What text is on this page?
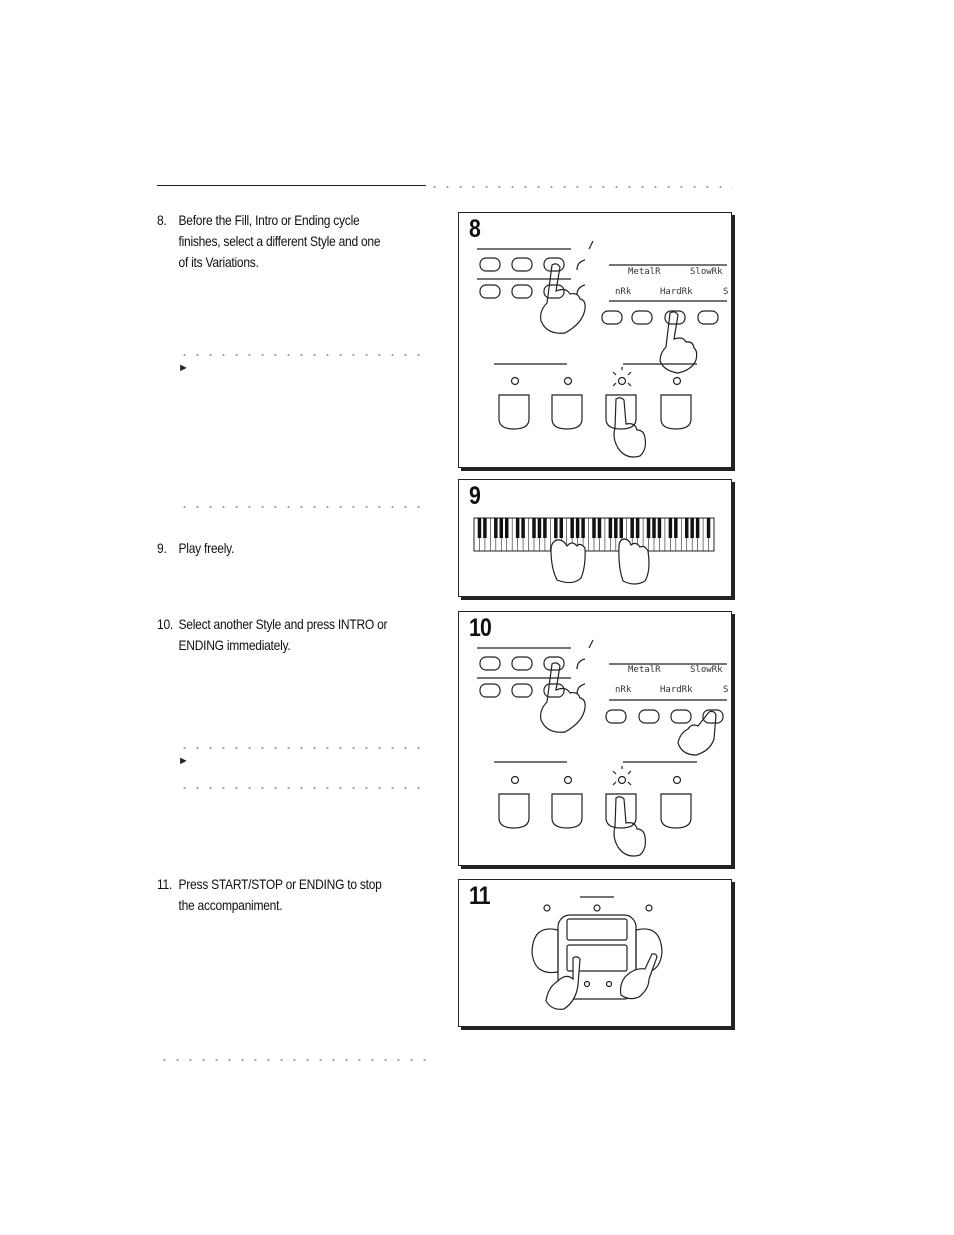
8. Before the Fill, Intro or Ending cycle finishes, select a different Style and one of its Variations.
►
9. Play freely.
10. Select another Style and press INTRO or ENDING immediately.
►
11. Press START/STOP or ENDING to stop the accompaniment.
MetalR	SlowRk
nRk	HardRk	S
8
9
MetalR	SlowRk
nRk	HardRk	S
10
11
